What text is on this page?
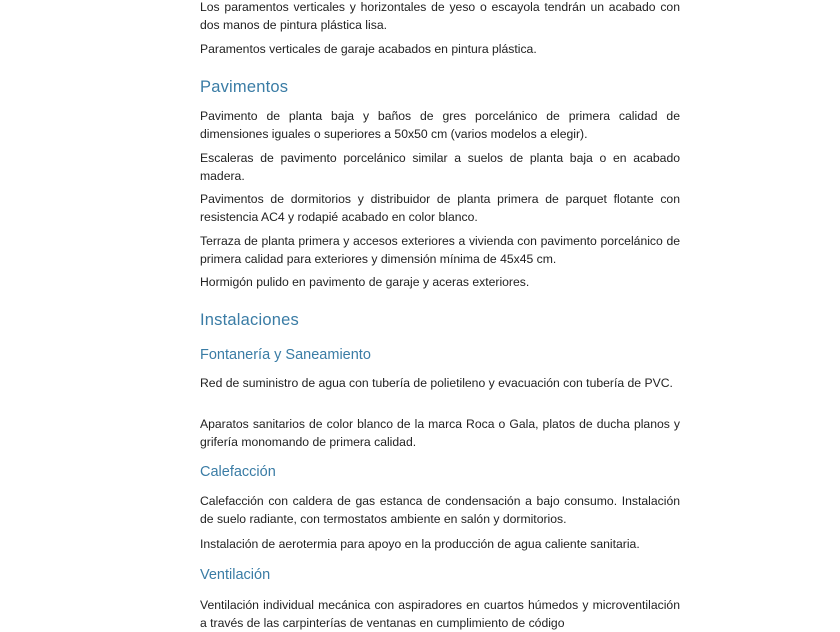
Los paramentos verticales y horizontales de yeso o escayola tendrán un acabado con dos manos de pintura plástica lisa.

Paramentos verticales de garaje acabados en pintura plástica.

Pavimentos

Pavimento de planta baja y baños de gres porcelánico de primera calidad de dimensiones iguales o superiores a 50x50 cm (varios modelos a elegir).

Escaleras de pavimento porcelánico similar a suelos de planta baja o en acabado madera.

Pavimentos de dormitorios y distribuidor de planta primera de parquet flotante con resistencia AC4 y rodapié acabado en color blanco.

Terraza de planta primera y accesos exteriores a vivienda con pavimento porcelánico de primera calidad para exteriores y dimensión mínima de 45x45 cm.

Hormigón pulido en pavimento de garaje y aceras exteriores.

Instalaciones
Fontanería y Saneamiento

Red de suministro de agua con tubería de polietileno y evacuación con tubería de PVC.

Aparatos sanitarios de color blanco de la marca Roca o Gala, platos de ducha planos y grifería monomando de primera calidad.

Calefacción

Calefacción con caldera de gas estanca de condensación a bajo consumo. Instalación de suelo radiante, con termostatos ambiente en salón y dormitorios.

Instalación de aerotermia para apoyo en la producción de agua caliente sanitaria.

Ventilación

Ventilación individual mecánica con aspiradores en cuartos húmedos y microventilación a través de las carpinterías de ventanas en cumplimiento de código
